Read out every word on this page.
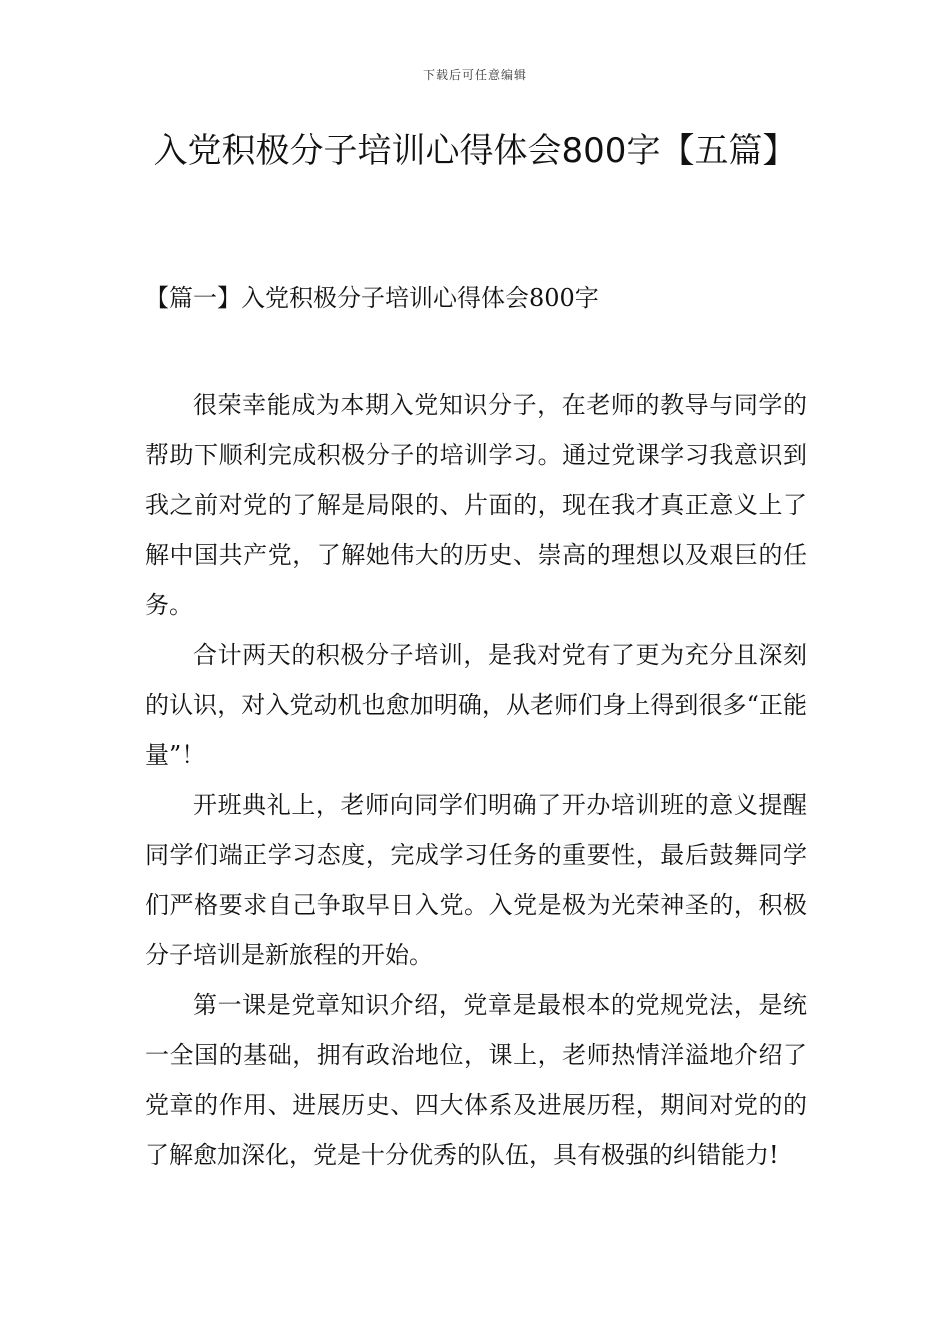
下载后可任意编辑
入党积极分子培训心得体会800字【五篇】
【篇一】入党积极分子培训心得体会800字

很荣幸能成为本期入党知识分子，在老师的教导与同学的帮助下顺利完成积极分子的培训学习。通过党课学习我意识到我之前对党的了解是局限的、片面的，现在我才真正意义上了解中国共产党，了解她伟大的历史、崇高的理想以及艰巨的任务。

合计两天的积极分子培训，是我对党有了更为充分且深刻的认识，对入党动机也愈加明确，从老师们身上得到很多“正能量”！

开班典礼上，老师向同学们明确了开办培训班的意义提醒同学们端正学习态度，完成学习任务的重要性，最后鼓舞同学们严格要求自己争取早日入党。入党是极为光荣神圣的，积极分子培训是新旅程的开始。

第一课是党章知识介绍，党章是最根本的党规党法，是统一全国的基础，拥有政治地位，课上，老师热情洋溢地介绍了党章的作用、进展历史、四大体系及进展历程，期间对党的的了解愈加深化，党是十分优秀的队伍，具有极强的纠错能力!
